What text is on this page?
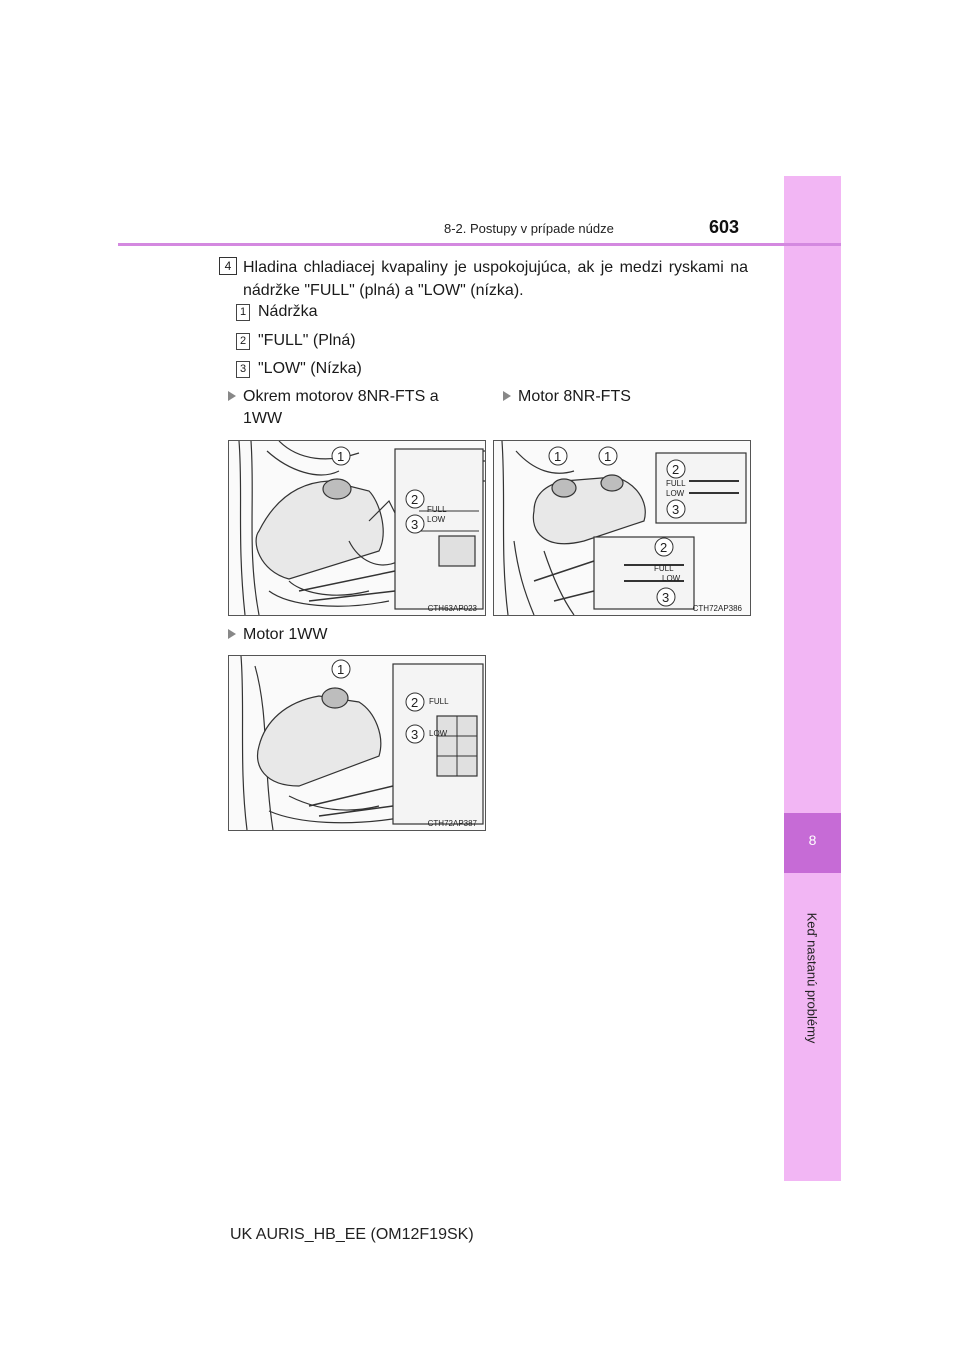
8
Keď nastanú problémy
8-2. Postupy v prípade núdze	603
4 Hladina chladiacej kvapaliny je uspokojujúca, ak je medzi ryskami na nádržke "FULL" (plná) a "LOW" (nízka).
1 Nádržka
2 "FULL" (Plná)
3 "LOW" (Nízka)
Okrem motorov 8NR-FTS a 1WW
Motor 8NR-FTS
Motor 1WW
1
2
3
FULL
LOW
CTH63AP023
1	1
2
3
FULL
LOW
2
3
FULL
LOW
CTH72AP386
1
2
3
FULL
LOW
CTH72AP387
UK AURIS_HB_EE (OM12F19SK)
